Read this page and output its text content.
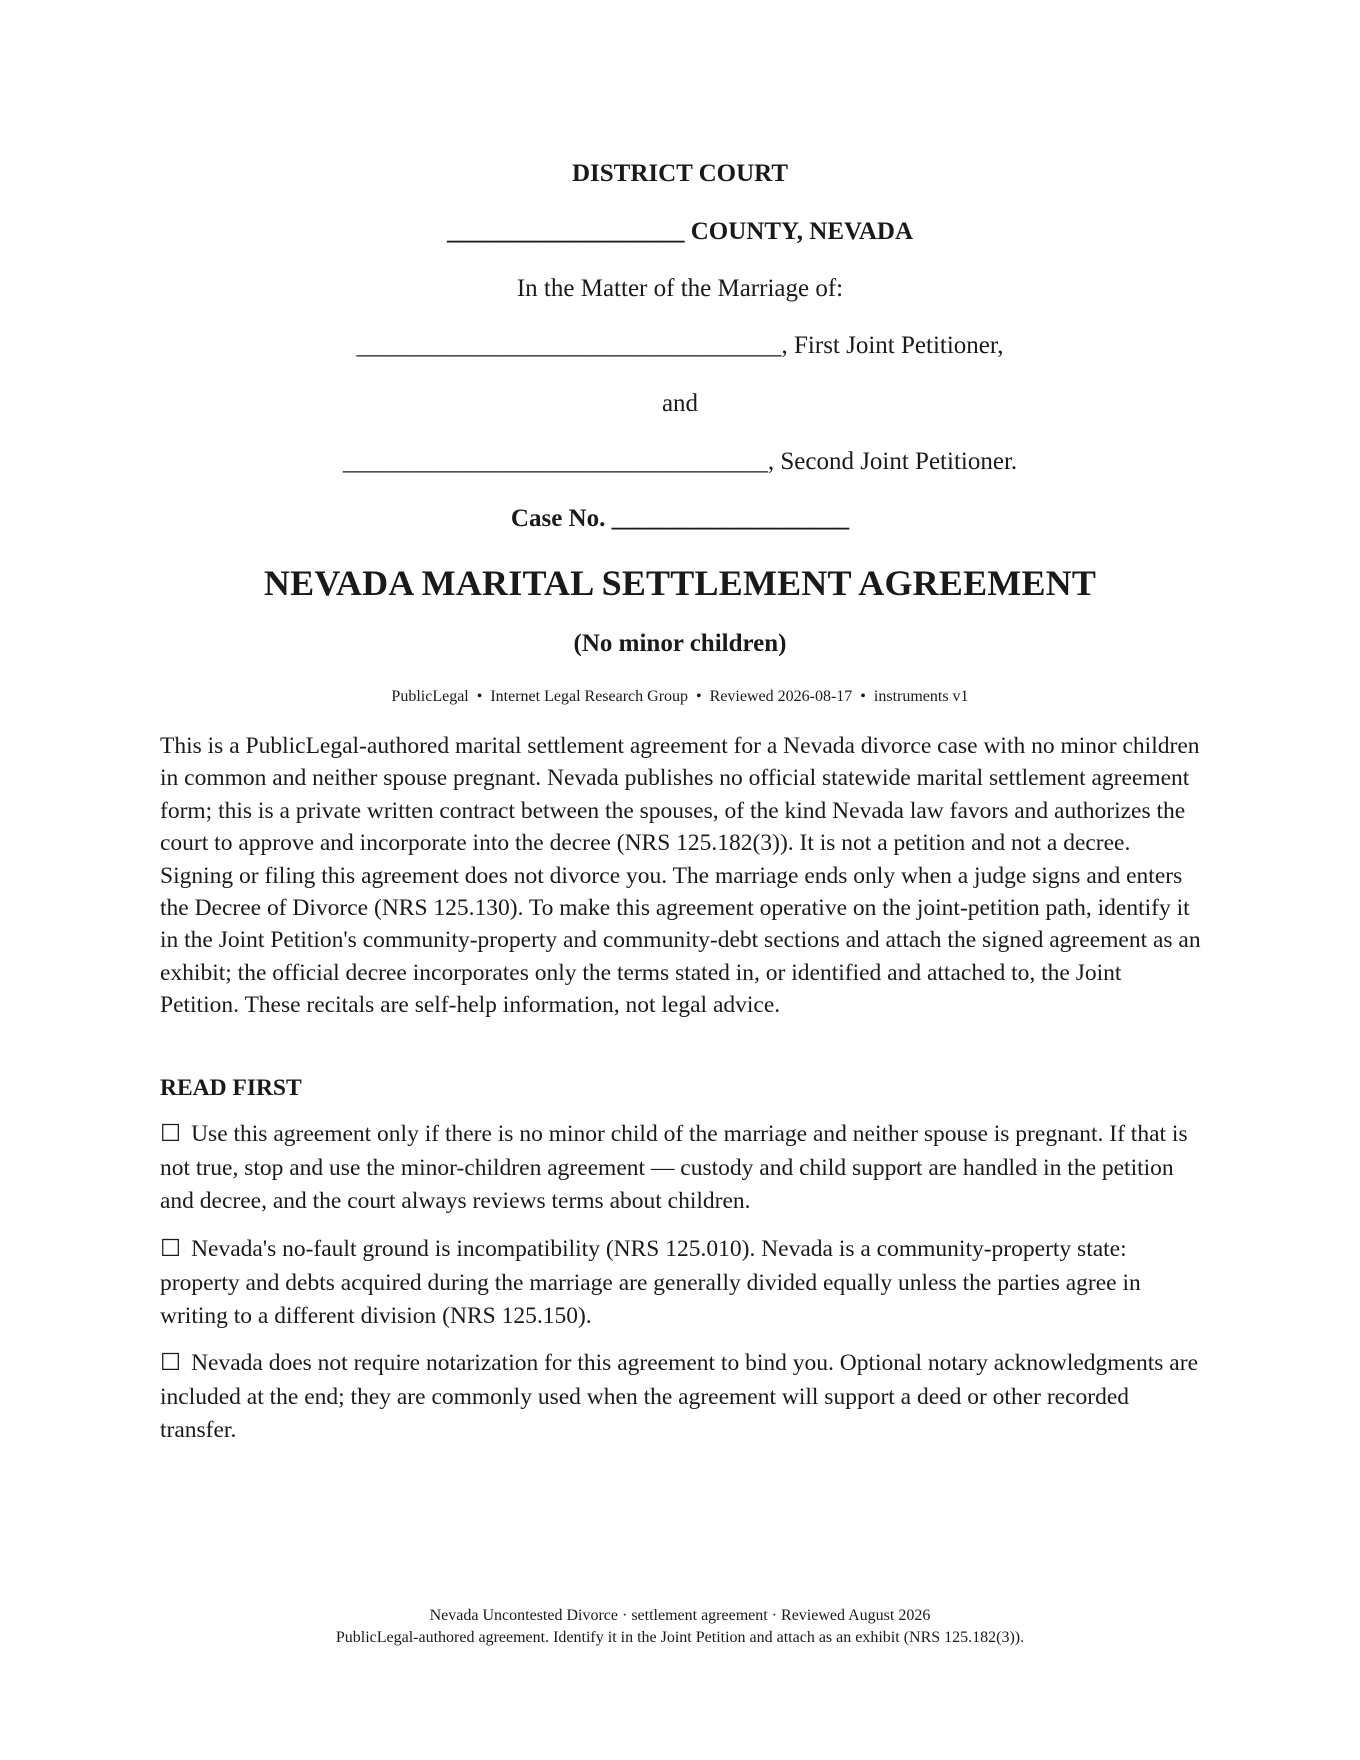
DISTRICT COURT
___________________ COUNTY, NEVADA
In the Matter of the Marriage of:
__________________________________, First Joint Petitioner,
and
__________________________________, Second Joint Petitioner.
Case No. ___________________
NEVADA MARITAL SETTLEMENT AGREEMENT
(No minor children)
PublicLegal • Internet Legal Research Group • Reviewed 2026-08-17 • instruments v1

This is a PublicLegal-authored marital settlement agreement for a Nevada divorce case with no minor children in common and neither spouse pregnant. Nevada publishes no official statewide marital settlement agreement form; this is a private written contract between the spouses, of the kind Nevada law favors and authorizes the court to approve and incorporate into the decree (NRS 125.182(3)). It is not a petition and not a decree. Signing or filing this agreement does not divorce you. The marriage ends only when a judge signs and enters the Decree of Divorce (NRS 125.130). To make this agreement operative on the joint-petition path, identify it in the Joint Petition's community-property and community-debt sections and attach the signed agreement as an exhibit; the official decree incorporates only the terms stated in, or identified and attached to, the Joint Petition. These recitals are self-help information, not legal advice.

READ FIRST

☐ Use this agreement only if there is no minor child of the marriage and neither spouse is pregnant. If that is not true, stop and use the minor-children agreement — custody and child support are handled in the petition and decree, and the court always reviews terms about children.

☐ Nevada's no-fault ground is incompatibility (NRS 125.010). Nevada is a community-property state: property and debts acquired during the marriage are generally divided equally unless the parties agree in writing to a different division (NRS 125.150).

☐ Nevada does not require notarization for this agreement to bind you. Optional notary acknowledgments are included at the end; they are commonly used when the agreement will support a deed or other recorded transfer.

Nevada Uncontested Divorce · settlement agreement · Reviewed August 2026
PublicLegal-authored agreement. Identify it in the Joint Petition and attach as an exhibit (NRS 125.182(3)).
